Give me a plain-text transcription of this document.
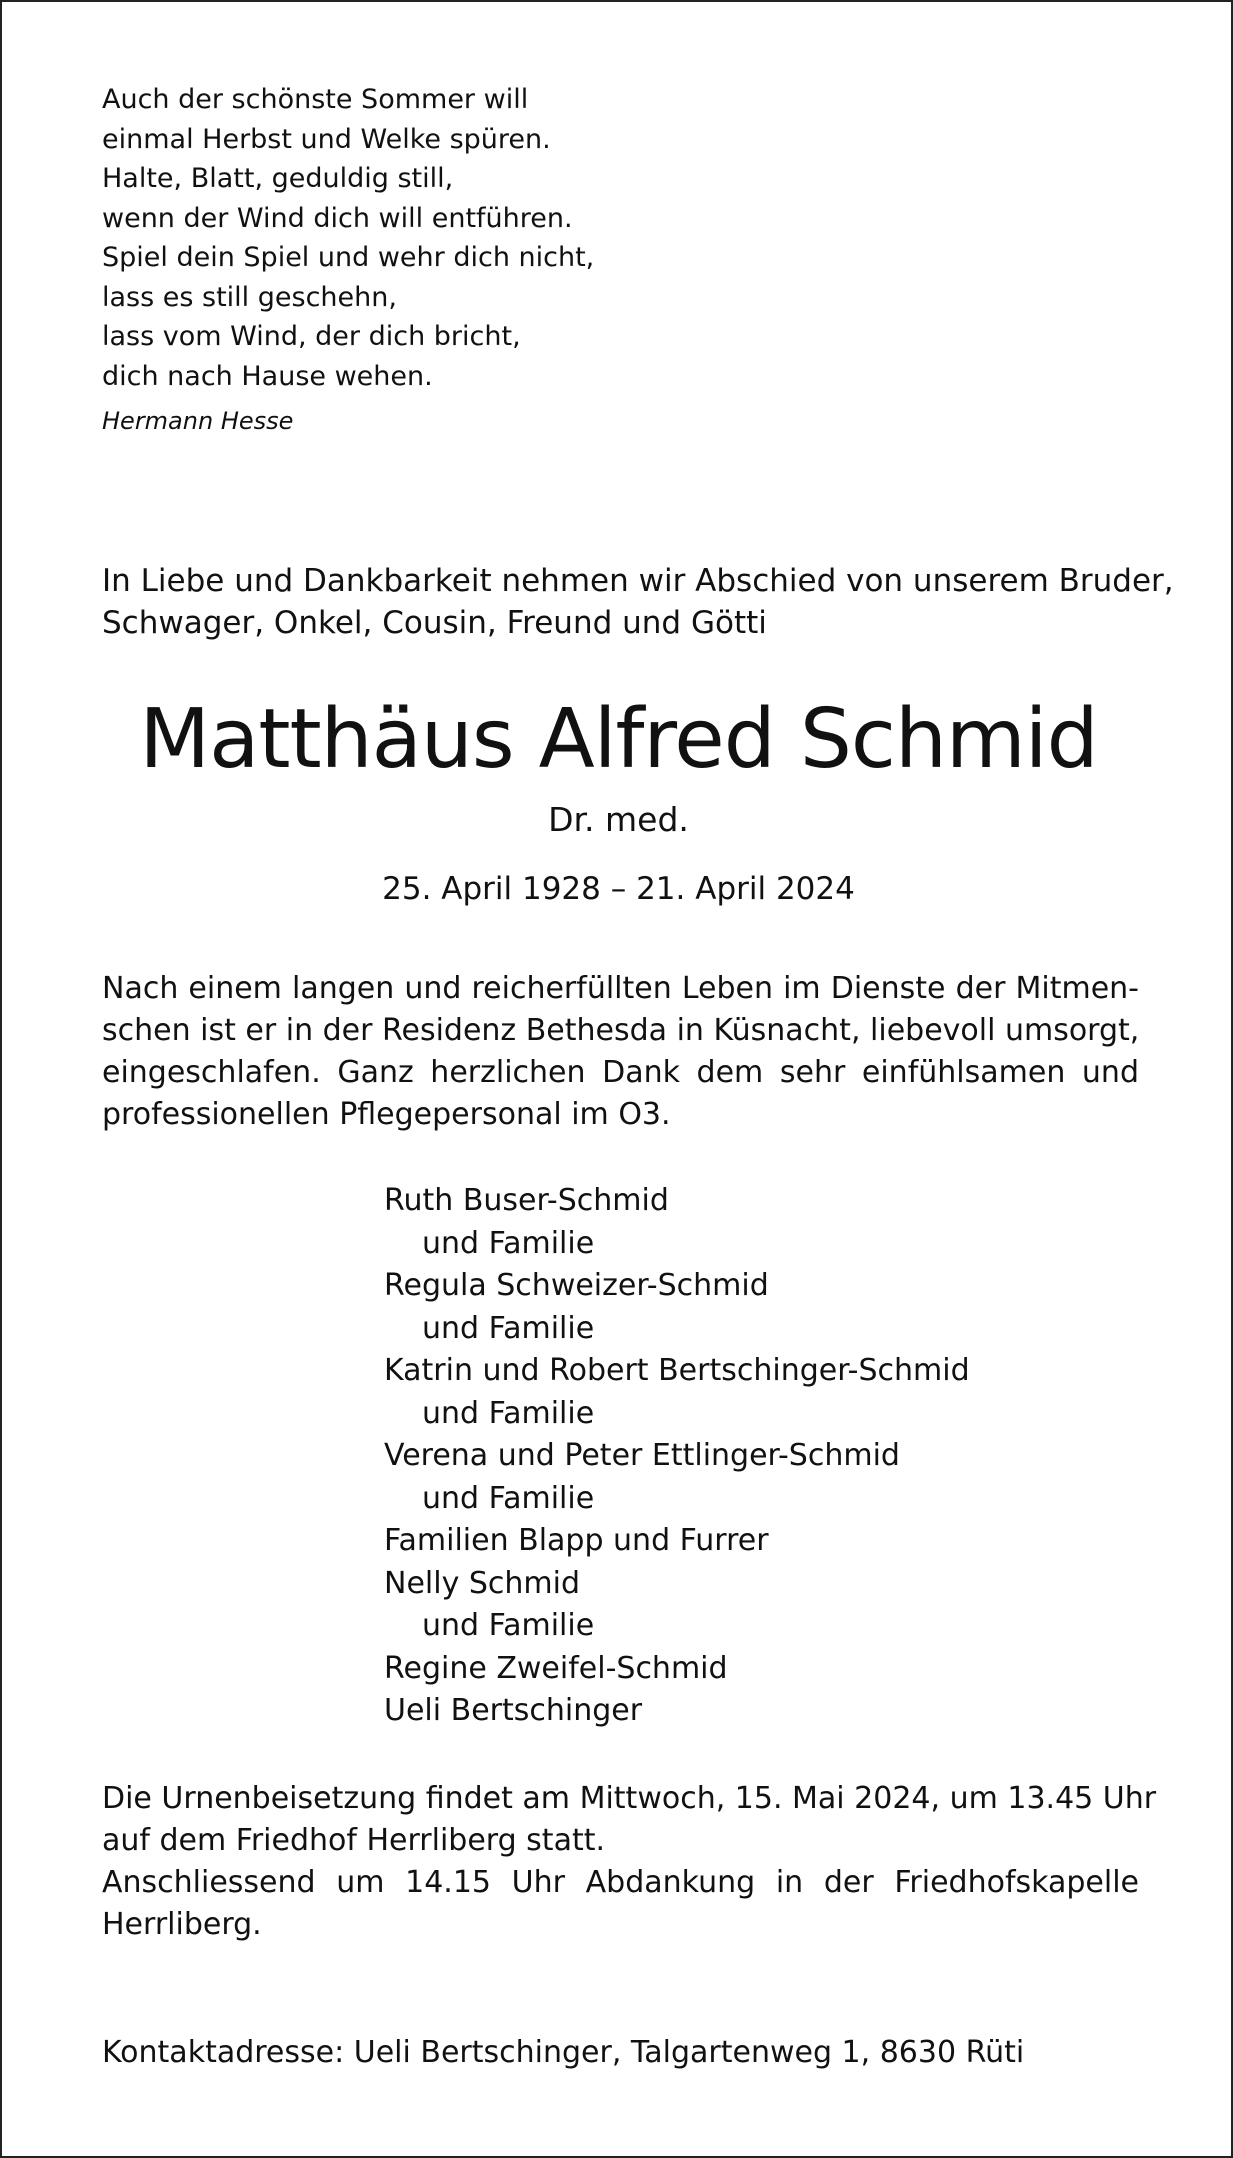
Auch der schönste Sommer will
einmal Herbst und Welke spüren.
Halte, Blatt, geduldig still,
wenn der Wind dich will entführen.
Spiel dein Spiel und wehr dich nicht,
lass es still geschehn,
lass vom Wind, der dich bricht,
dich nach Hause wehen.
Hermann Hesse
In Liebe und Dankbarkeit nehmen wir Abschied von unserem Bruder,
Schwager, Onkel, Cousin, Freund und Götti
Matthäus Alfred Schmid
Dr. med.
25. April 1928 – 21. April 2024
Nach einem langen und reicherfüllten Leben im Dienste der Mitmen-
schen ist er in der Residenz Bethesda in Küsnacht, liebevoll umsorgt,
eingeschlafen. Ganz herzlichen Dank dem sehr einfühlsamen und
professionellen Pflegepersonal im O3.
Ruth Buser-Schmid
und Familie
Regula Schweizer-Schmid
und Familie
Katrin und Robert Bertschinger-Schmid
und Familie
Verena und Peter Ettlinger-Schmid
und Familie
Familien Blapp und Furrer
Nelly Schmid
und Familie
Regine Zweifel-Schmid
Ueli Bertschinger
Die Urnenbeisetzung findet am Mittwoch, 15. Mai 2024, um 13.45 Uhr
auf dem Friedhof Herrliberg statt.
Anschliessend um 14.15 Uhr Abdankung in der Friedhofskapelle
Herrliberg.
Kontaktadresse: Ueli Bertschinger, Talgartenweg 1, 8630 Rüti
